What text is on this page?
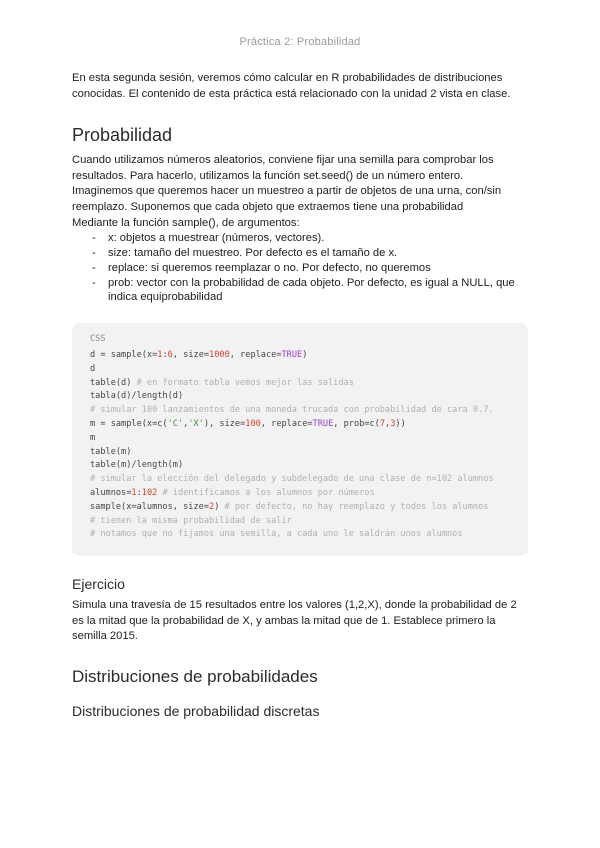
Práctica 2: Probabilidad

En esta segunda sesión, veremos cómo calcular en R probabilidades de distribuciones conocidas. El contenido de esta práctica está relacionado con la unidad 2 vista en clase.

Probabilidad

Cuando utilizamos números aleatorios, conviene fijar una semilla para comprobar los resultados. Para hacerlo, utilizamos la función set.seed() de un número entero.

Imaginemos que queremos hacer un muestreo a partir de objetos de una urna, con/sin reemplazo. Suponemos que cada objeto que extraemos tiene una probabilidad

Mediante la función sample(), de argumentos:

- x: objetos a muestrear (números, vectores).
- size: tamaño del muestreo. Por defecto es el tamaño de x.
- replace: si queremos reemplazar o no. Por defecto, no queremos
- prob: vector con la probabilidad de cada objeto. Por defecto, es igual a NULL, que indica equiprobabilidad
CSS
d = sample(x=1:6, size=1000, replace=TRUE)
d
table(d) # en formato tabla vemos mejor las salidas
tabla(d)/length(d)
# simular 100 lanzamientos de una moneda trucada con probabilidad de cara 0.7.
m = sample(x=c('C','X'), size=100, replace=TRUE, prob=c(7,3))
m
table(m)
table(m)/length(m)
# simular la elección del delegado y subdelegado de una clase de n=102 alumnos
alumnos=1:102 # identificamos a los alumnos por números
sample(x=alumnos, size=2) # por defecto, no hay reemplazo y todos los alumnos
# tienen la misma probabilidad de salir
# notamos que no fijamos una semilla, a cada uno le saldrán unos alumnos
Ejercicio

Simula una travesía de 15 resultados entre los valores (1,2,X), donde la probabilidad de 2 es la mitad que la probabilidad de X, y ambas la mitad que de 1. Establece primero la semilla 2015.

Distribuciones de probabilidades
Distribuciones de probabilidad discretas
